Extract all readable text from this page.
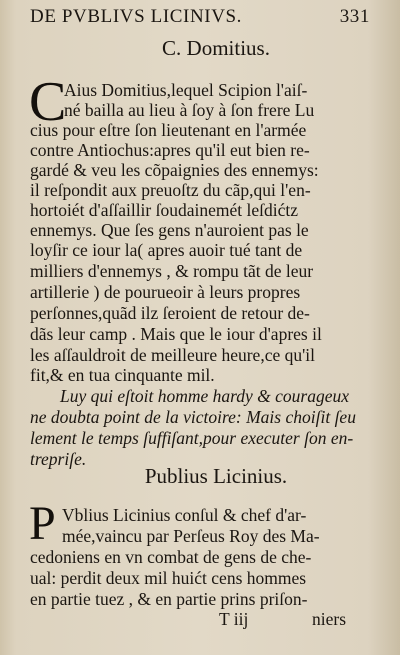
DE PVBLIVS LICINIVS.	331
C. Domitius.
C
Aius Domitius,lequel Scipion l'aiſ-
né bailla au lieu à ſoy à ſon frere Lu
cius pour eſtre ſon lieutenant en l'armée
contre Antiochus:apres qu'il eut bien re-
gardé & veu les cõpaignies des ennemys:
il reſpondit aux preuoſtz du cãp,qui l'en-
hortoiét d'aſſaillir ſoudainemét leſdićtz
ennemys. Que ſes gens n'auroient pas le
loyſir ce iour la( apres auoir tué tant de
milliers d'ennemys , & rompu tãt de leur
artillerie ) de pourueoir à leurs propres
perſonnes,quãd ilz ſeroient de retour de-
dãs leur camp . Mais que le iour d'apres il
les aſſauldroit de meilleure heure,ce qu'il
fit,& en tua cinquante mil.
Luy qui eſtoit homme hardy & courageux
ne doubta point de la victoire: Mais choiſit ſeu
lement le temps ſuffiſant,pour executer ſon en-
trepriſe.
Publius Licinius.
P Vblius Licinius conſul & chef d'ar-
mée,vaincu par Perſeus Roy des Ma-
cedoniens en vn combat de gens de che-
ual: perdit deux mil huićt cens hommes
en partie tuez , & en partie prins priſon-
T iij	niers
